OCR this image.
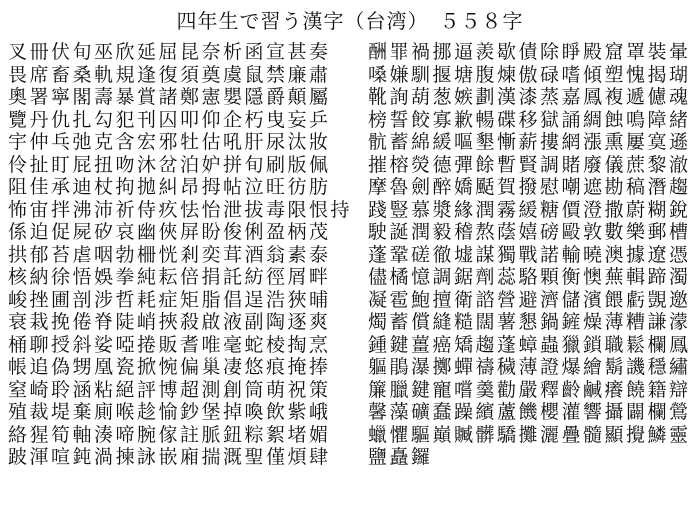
四年生で習う漢字（台湾）　５５８字
叉冊伏旬巫欣延屈昆奈析函宣甚奏
畏席畜桑軌規逢復須奠虞鼠禁廉肅
奧署寧閣壽暴賞諸鄭憲嬰隱爵顛屬
覽丹仇扎勾犯刊囚叩仰企朽曳妄乒
宇仲乓弛克含宏邪牡估吼肝尿汰妝
伶扯盯屁扭吻沐岔泊妒拼旬刷版佩
阻佳承迪杖拘拋糾昂拇帖泣旺彷肪
怖宙拌沸沛祈侍疚怯怡泄拔毒限恨持
係迫促屍矽哀幽俠屏盼俊俐盈柄茂
拱郁苔虐咽勃柵恍剎奕茸酒翁素泰
核納徐悟娛拳純耘倍捐託紡徑屑畔
峻挫圃剖涉哲耗症矩脂倡逞浩狹晡
衰栽挽倦脊陡峭挾殺啟液副陶逐爽
桶聊授斜娑啞捲販耆唯毫蛇棱掏烹
帳追偽甥凰瓷掀惋偏巢凄悠痕掩捧
窒崎聆涵粘絕評博超測創筒萌祝策
殖裁堤棄廁喉趁愉鈔堡掉喚飲紫峨
絡猩筍軸湊啼腕傢註脈鈕粽絮堵媚
跛渾喧鈍渦揀詠嵌廂揣溉聖僅煩肆
酬罪禍挪逼羨歇債除睜殿窟罩裝暈
嗓嫌馴揠塘腹煉傲碌嗜傾塑愧揭瑚
靴詢葫葱嫉劃漢漆蒸嘉鳳複遞儢魂
榜誓餃寡歉暢碟移獄誦綢蝕鳴障緒
骯蓄綿緩嘔墾慚薪摟網漲熏屢寞遜
摧榕熒德彈餘暫賢調賭廢儀蔗黎澈
摩魯劍醉嬌颳賀撥慰嘲遮勘稿潛趨
踐豎慕漿緣潤霧緩糖價澄撒蔚糊銳
駛誕潤毅稽熬蔭嬉磅毆敦數樂郵槽
蓬鞏磋徹墟謀獨戰諾輸曉澳據遼憑
儘橘憶調鋸劑蕊駱顆衡懊蕪輯蹄濁
凝雹鮑擅衛諮營避濟儲濱餵虧覬邀
燭蓄償縫糙闊薯懇鍋鏟燥薄糟謙濛
鍾鍵薑癌矯趨蓬蟑蟲獵鎖職鬆欄鳳
軀鵑瀑擲蟬禱穢薄證爆繪鬍譏穩繡
簾臘鍵寵嚐羹勸嚴釋齡鹹癢饒籍辯
馨藻礦蠢躁繽蘆饑櫻灌響攝闢欄鶯
蠟懼驅巔贓髒驕攤灑疊髓顯攪鱗靈
鹽矗鑼
